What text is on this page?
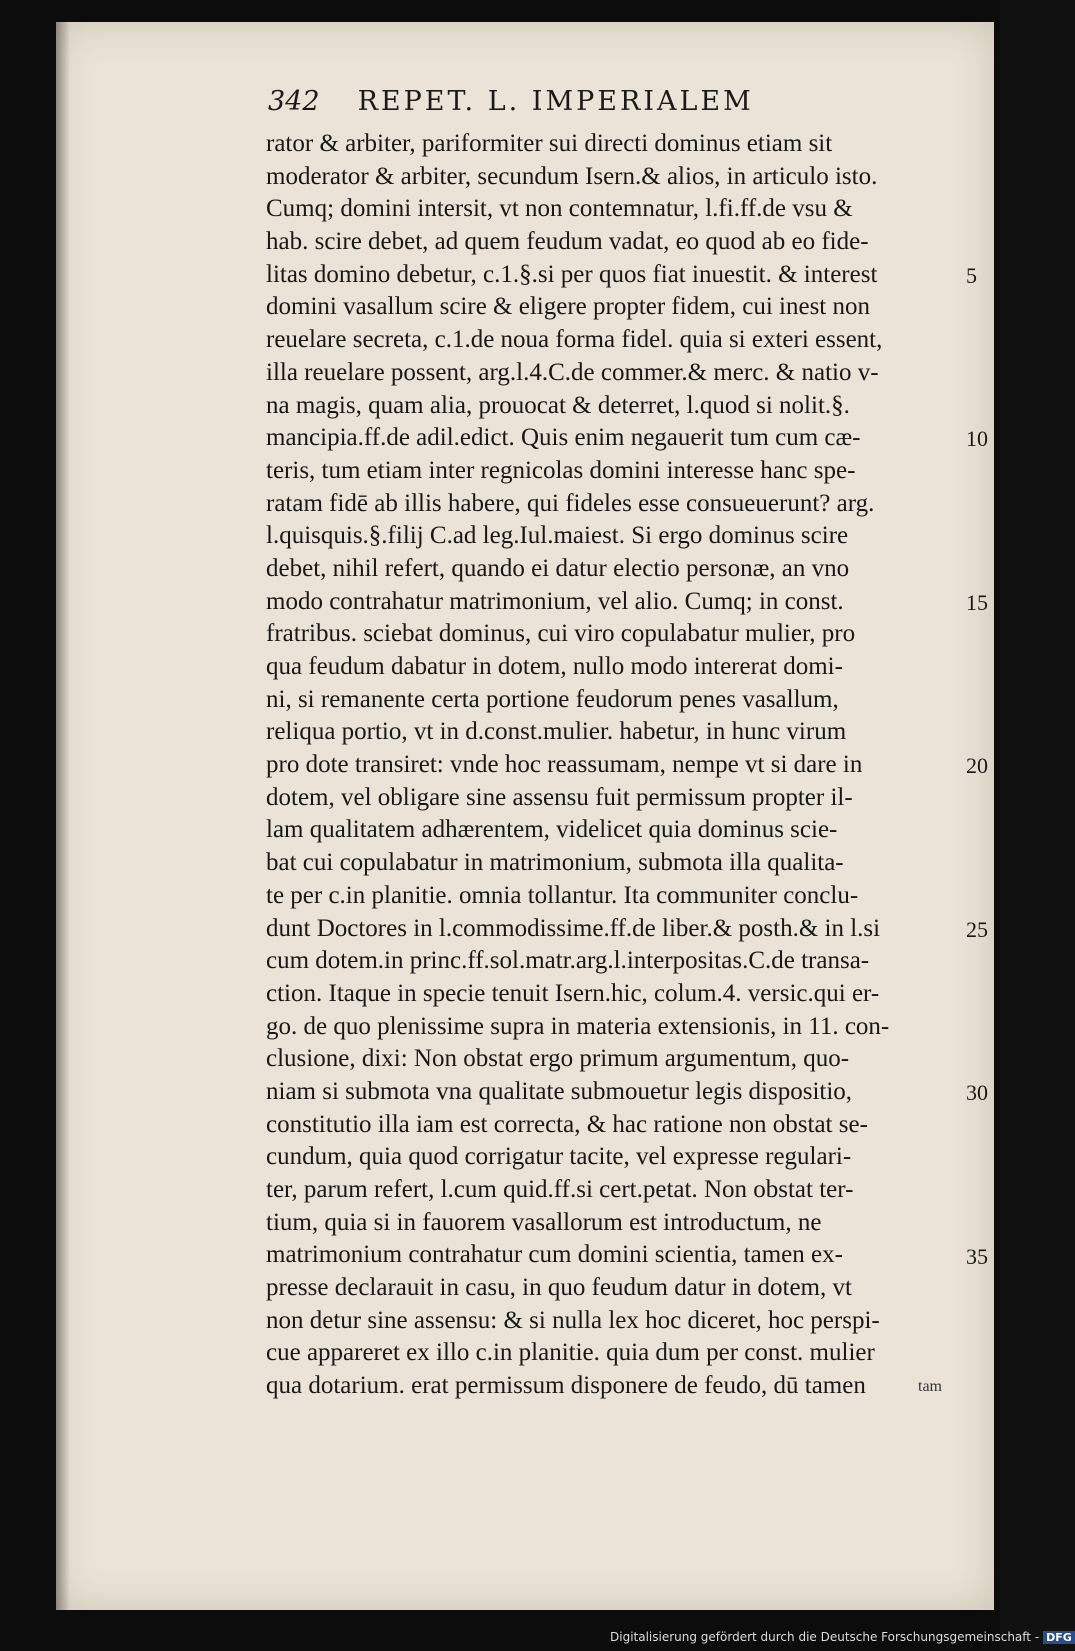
342 REPET. L. IMPERIALEM
rator & arbiter, pariformiter sui directi dominus etiam sit
moderator & arbiter, secundum Isern.& alios, in articulo isto.
Cumq; domini intersit, vt non contemnatur, l.fi.ff.de vsu &
hab. scire debet, ad quem feudum vadat, eo quod ab eo fide-
litas domino debetur, c.1.§.si per quos fiat inuestit. & interest
domini vasallum scire & eligere propter fidem, cui inest non
reuelare secreta, c.1.de noua forma fidel. quia si exteri essent,
illa reuelare possent, arg.l.4.C.de commer.& merc. & natio v-
na magis, quam alia, prouocat & deterret, l.quod si nolit.§.
mancipia.ff.de adil.edict. Quis enim negauerit tum cum cæ-
teris, tum etiam inter regnicolas domini interesse hanc spe-
ratam fidē ab illis habere, qui fideles esse consueuerunt? arg.
l.quisquis.§.filij C.ad leg.Iul.maiest. Si ergo dominus scire
debet, nihil refert, quando ei datur electio personæ, an vno
modo contrahatur matrimonium, vel alio. Cumq; in const.
fratribus. sciebat dominus, cui viro copulabatur mulier, pro
qua feudum dabatur in dotem, nullo modo intererat domi-
ni, si remanente certa portione feudorum penes vasallum,
reliqua portio, vt in d.const.mulier. habetur, in hunc virum
pro dote transiret: vnde hoc reassumam, nempe vt si dare in
dotem, vel obligare sine assensu fuit permissum propter il-
lam qualitatem adhærentem, videlicet quia dominus scie-
bat cui copulabatur in matrimonium, submota illa qualita-
te per c.in planitie. omnia tollantur. Ita communiter conclu-
dunt Doctores in l.commodissime.ff.de liber.& posth.& in l.si
cum dotem.in princ.ff.sol.matr.arg.l.interpositas.C.de transa-
ction. Itaque in specie tenuit Isern.hic, colum.4. versic.qui er-
go. de quo plenissime supra in materia extensionis, in 11. con-
clusione, dixi: Non obstat ergo primum argumentum, quo-
niam si submota vna qualitate submouetur legis dispositio,
constitutio illa iam est correcta, & hac ratione non obstat se-
cundum, quia quod corrigatur tacite, vel expresse regulari-
ter, parum refert, l.cum quid.ff.si cert.petat. Non obstat ter-
tium, quia si in fauorem vasallorum est introductum, ne
matrimonium contrahatur cum domini scientia, tamen ex-
presse declarauit in casu, in quo feudum datur in dotem, vt
non detur sine assensu: & si nulla lex hoc diceret, hoc perspi-
cue appareret ex illo c.in planitie. quia dum per const. mulier
qua dotarium. erat permissum disponere de feudo, dū tamen
5
10
15
20
25
30
35
tam
Digitalisierung gefördert durch die Deutsche Forschungsgemeinschaft - DFG
